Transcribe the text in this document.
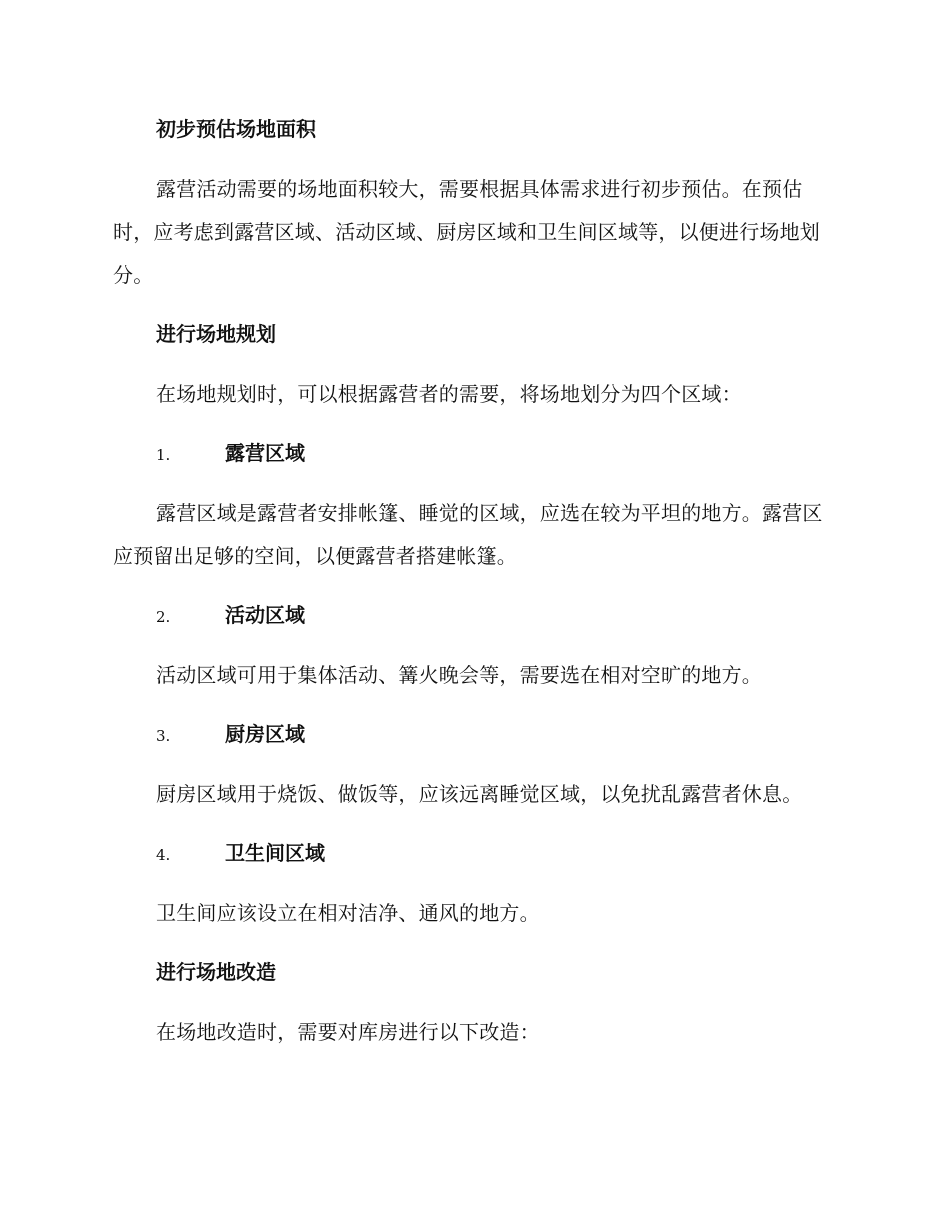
初步预估场地面积

露营活动需要的场地面积较大，需要根据具体需求进行初步预估。在预估时，应考虑到露营区域、活动区域、厨房区域和卫生间区域等，以便进行场地划分。

进行场地规划

在场地规划时，可以根据露营者的需要，将场地划分为四个区域：

1.	露营区域

露营区域是露营者安排帐篷、睡觉的区域，应选在较为平坦的地方。露营区应预留出足够的空间，以便露营者搭建帐篷。

2.	活动区域

活动区域可用于集体活动、篝火晚会等，需要选在相对空旷的地方。

3.	厨房区域

厨房区域用于烧饭、做饭等，应该远离睡觉区域，以免扰乱露营者休息。

4.	卫生间区域

卫生间应该设立在相对洁净、通风的地方。

进行场地改造

在场地改造时，需要对库房进行以下改造：
